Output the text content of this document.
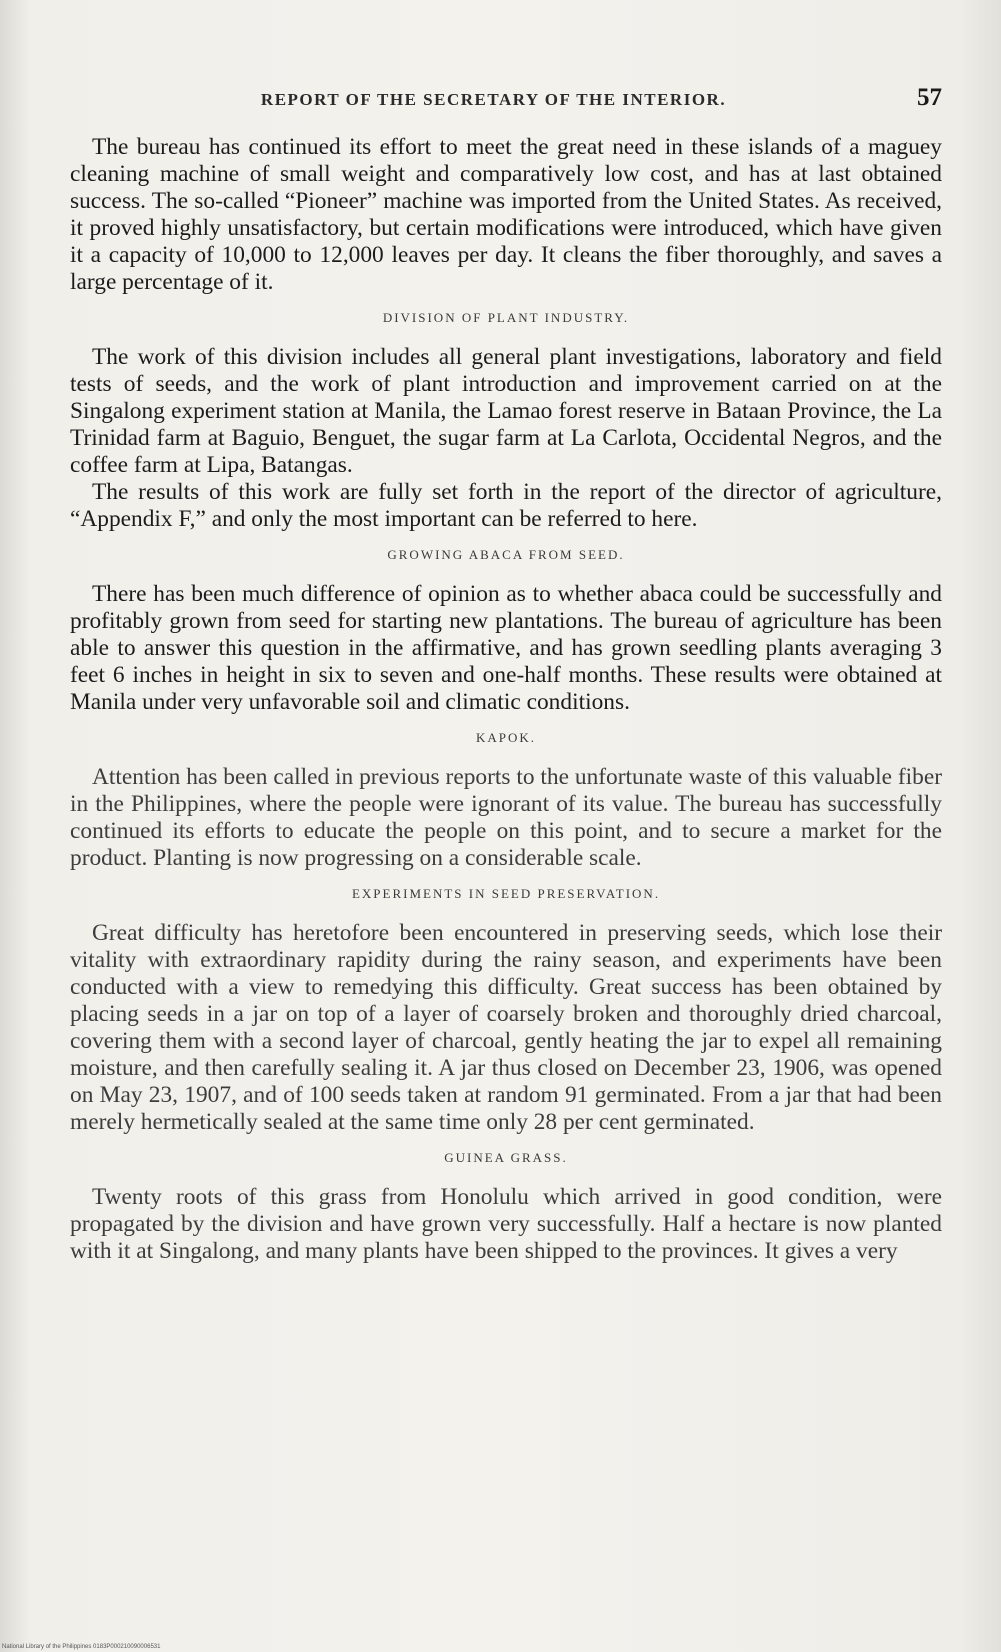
REPORT OF THE SECRETARY OF THE INTERIOR.	57

The bureau has continued its effort to meet the great need in these islands of a maguey cleaning machine of small weight and comparatively low cost, and has at last obtained success. The so-called “Pioneer” machine was imported from the United States. As received, it proved highly unsatisfactory, but certain modifications were introduced, which have given it a capacity of 10,000 to 12,000 leaves per day. It cleans the fiber thoroughly, and saves a large percentage of it.

DIVISION OF PLANT INDUSTRY.

The work of this division includes all general plant investigations, laboratory and field tests of seeds, and the work of plant introduction and improvement carried on at the Singalong experiment station at Manila, the Lamao forest reserve in Bataan Province, the La Trinidad farm at Baguio, Benguet, the sugar farm at La Carlota, Occidental Negros, and the coffee farm at Lipa, Batangas.

The results of this work are fully set forth in the report of the director of agriculture, “Appendix F,” and only the most important can be referred to here.

GROWING ABACA FROM SEED.

There has been much difference of opinion as to whether abaca could be successfully and profitably grown from seed for starting new plantations. The bureau of agriculture has been able to answer this question in the affirmative, and has grown seedling plants averaging 3 feet 6 inches in height in six to seven and one-half months. These results were obtained at Manila under very unfavorable soil and climatic conditions.

KAPOK.

Attention has been called in previous reports to the unfortunate waste of this valuable fiber in the Philippines, where the people were ignorant of its value. The bureau has successfully continued its efforts to educate the people on this point, and to secure a market for the product. Planting is now progressing on a considerable scale.

EXPERIMENTS IN SEED PRESERVATION.

Great difficulty has heretofore been encountered in preserving seeds, which lose their vitality with extraordinary rapidity during the rainy season, and experiments have been conducted with a view to remedying this difficulty. Great success has been obtained by placing seeds in a jar on top of a layer of coarsely broken and thoroughly dried charcoal, covering them with a second layer of charcoal, gently heating the jar to expel all remaining moisture, and then carefully sealing it. A jar thus closed on December 23, 1906, was opened on May 23, 1907, and of 100 seeds taken at random 91 germinated. From a jar that had been merely hermetically sealed at the same time only 28 per cent germinated.

GUINEA GRASS.

Twenty roots of this grass from Honolulu which arrived in good condition, were propagated by the division and have grown very successfully. Half a hectare is now planted with it at Singalong, and many plants have been shipped to the provinces. It gives a very

National Library of the Philippines 0183P000210090006531
